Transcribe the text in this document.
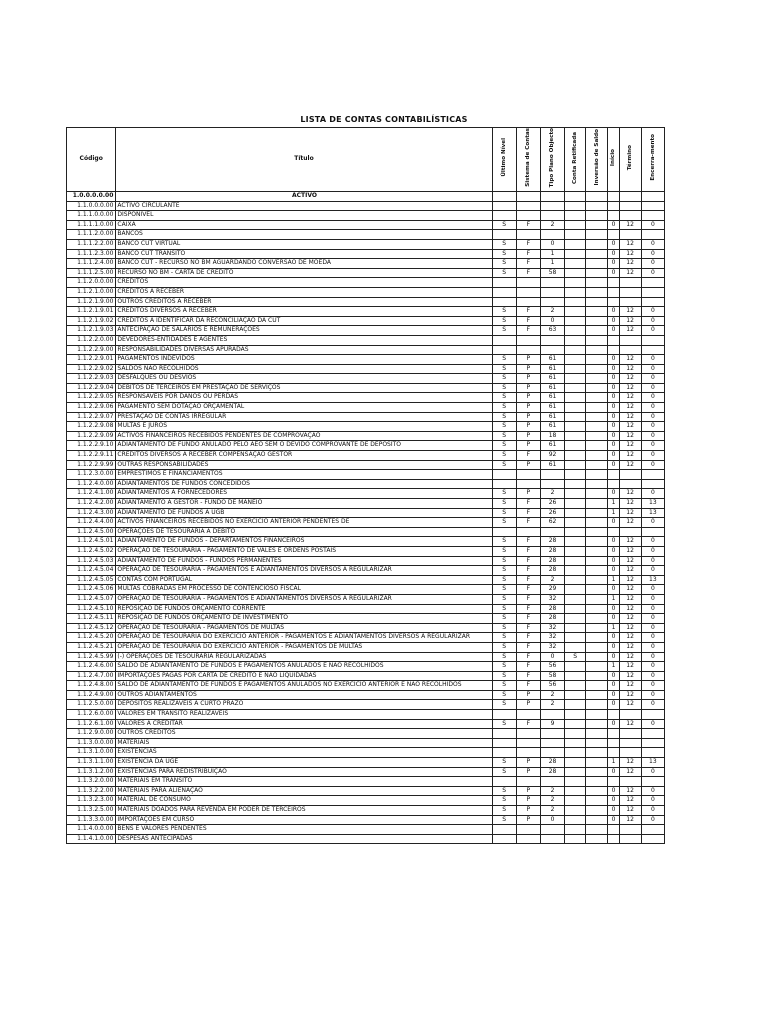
LISTA DE CONTAS CONTABILÍSTICAS
Código	Título	Último Nível	Sistema de Contas	Tipo Plano Objecto	Conta Retificada	Inversão de Saldo	Início	Término	Encerra-mento
1.0.0.0.0.00	ACTIVO								
1.1.0.0.0.00	ACTIVO CIRCULANTE								
1.1.1.0.0.00	DISPONÍVEL								
1.1.1.1.0.00	CAIXA	S	F	2			0	12	0
1.1.1.2.0.00	BANCOS								
1.1.1.2.2.00	BANCO CUT VIRTUAL	S	F	0			0	12	0
1.1.1.2.3.00	BANCO CUT TRÂNSITO	S	F	1			0	12	0
1.1.1.2.4.00	BANCO CUT - RECURSO NO BM AGUARDANDO CONVERSÃO DE MOEDA	S	F	1			0	12	0
1.1.1.2.5.00	RECURSO NO BM - CARTA DE CRÉDITO	S	F	58			0	12	0
1.1.2.0.0.00	CRÉDITOS								
1.1.2.1.0.00	CRÉDITOS A RECEBER								
1.1.2.1.9.00	OUTROS CRÉDITOS A RECEBER								
1.1.2.1.9.01	CRÉDITOS DIVERSOS A RECEBER	S	F	2			0	12	0
1.1.2.1.9.02	CRÉDITOS A IDENTIFICAR DA RECONCILIAÇÃO DA CUT	S	F	0			0	12	0
1.1.2.1.9.03	ANTECIPAÇÃO DE SALÁRIOS E REMUNERAÇÕES	S	F	63			0	12	0
1.1.2.2.0.00	DEVEDORES-ENTIDADES E AGENTES								
1.1.2.2.9.00	RESPONSABILIDADES DIVERSAS APURADAS								
1.1.2.2.9.01	PAGAMENTOS INDEVIDOS	S	P	61			0	12	0
1.1.2.2.9.02	SALDOS NÃO RECOLHIDOS	S	P	61			0	12	0
1.1.2.2.9.03	DESFALQUES OU DESVIOS	S	P	61			0	12	0
1.1.2.2.9.04	DÉBITOS DE TERCEIROS EM PRESTAÇÃO DE SERVIÇOS	S	P	61			0	12	0
1.1.2.2.9.05	RESPONSÁVEIS POR DANOS OU PERDAS	S	P	61			0	12	0
1.1.2.2.9.06	PAGAMENTO SEM DOTAÇÃO ORÇAMENTAL	S	P	61			0	12	0
1.1.2.2.9.07	PRESTAÇÃO DE CONTAS IRREGULAR	S	P	61			0	12	0
1.1.2.2.9.08	MULTAS E JUROS	S	P	61			0	12	0
1.1.2.2.9.09	ACTIVOS FINANCEIROS RECEBIDOS PENDENTES DE COMPROVAÇÃO	S	P	18			0	12	0
1.1.2.2.9.10	ADIANTAMENTO DE FUNDO ANULADO PELO AEO SEM O DEVIDO COMPROVANTE DE DEPÓSITO	S	P	61			0	12	0
1.1.2.2.9.11	CRÉDITOS DIVERSOS A RECEBER COMPENSAÇÃO GESTOR	S	F	92			0	12	0
1.1.2.2.9.99	OUTRAS RESPONSABILIDADES	S	P	61			0	12	0
1.1.2.3.0.00	EMPRÉSTIMOS E FINANCIAMENTOS								
1.1.2.4.0.00	ADIANTAMENTOS DE FUNDOS CONCEDIDOS								
1.1.2.4.1.00	ADIANTAMENTOS A FORNECEDORES	S	P	2			0	12	0
1.1.2.4.2.00	ADIANTAMENTO A GESTOR - FUNDO DE MANEIO	S	F	26			1	12	13
1.1.2.4.3.00	ADIANTAMENTO DE FUNDOS A UGB	S	F	26			1	12	13
1.1.2.4.4.00	ACTIVOS FINANCEIROS RECEBIDOS NO EXERCÍCIO ANTERIOR PENDENTES DE	S	F	62			0	12	0
1.1.2.4.5.00	OPERAÇÕES DE TESOURARIA A DEBITO								
1.1.2.4.5.01	ADIANTAMENTO DE FUNDOS - DEPARTAMENTOS FINANCEIROS	S	F	28			0	12	0
1.1.2.4.5.02	OPERAÇÃO DE TESOURARIA - PAGAMENTO DE VALES E ORDENS POSTAIS	S	F	28			0	12	0
1.1.2.4.5.03	ADIANTAMENTO DE FUNDOS - FUNDOS PERMANENTES	S	F	28			0	12	0
1.1.2.4.5.04	OPERAÇÃO DE TESOURARIA - PAGAMENTOS E ADIANTAMENTOS DIVERSOS A REGULARIZAR	S	F	28			0	12	0
1.1.2.4.5.05	CONTAS COM PORTUGAL	S	F	2			1	12	13
1.1.2.4.5.06	MULTAS COBRADAS EM PROCESSO DE CONTENCIOSO FISCAL	S	F	29			0	12	0
1.1.2.4.5.07	OPERAÇÃO DE TESOURARIA - PAGAMENTOS E ADIANTAMENTOS DIVERSOS A REGULARIZAR	S	F	32			1	12	0
1.1.2.4.5.10	REPOSIÇÃO DE FUNDOS ORÇAMENTO CORRENTE	S	F	28			0	12	0
1.1.2.4.5.11	REPOSIÇÃO DE FUNDOS ORÇAMENTO DE INVESTIMENTO	S	F	28			0	12	0
1.1.2.4.5.12	OPERAÇÃO DE TESOURARIA - PAGAMENTOS DE MULTAS	S	F	32			1	12	0
1.1.2.4.5.20	OPERAÇÃO DE TESOURARIA DO EXERCÍCIO ANTERIOR - PAGAMENTOS E ADIANTAMENTOS DIVERSOS A REGULARIZAR	S	F	32			0	12	0
1.1.2.4.5.21	OPERAÇÃO DE TESOURARIA DO EXERCÍCIO ANTERIOR - PAGAMENTOS DE MULTAS	S	F	32			0	12	0
1.1.2.4.5.99	(-) OPERAÇÕES DE TESOURARIA REGULARIZADAS	S	F	0	S		0	12	0
1.1.2.4.6.00	SALDO DE ADIANTAMENTO DE FUNDOS E PAGAMENTOS ANULADOS E NÃO RECOLHIDOS	S	F	56			1	12	0
1.1.2.4.7.00	IMPORTAÇÕES PAGAS POR CARTA DE CRÉDITO E NÃO LIQUIDADAS	S	F	58			0	12	0
1.1.2.4.8.00	SALDO DE ADIANTAMENTO DE FUNDOS E PAGAMENTOS ANULADOS NO EXERCÍCIO ANTERIOR E NÃO RECOLHIDOS	S	F	56			0	12	0
1.1.2.4.9.00	OUTROS ADIANTAMENTOS	S	P	2			0	12	0
1.1.2.5.0.00	DEPÓSITOS REALIZÁVEIS A CURTO PRAZO	S	P	2			0	12	0
1.1.2.6.0.00	VALORES EM TRÂNSITO REALIZÁVEIS								
1.1.2.6.1.00	VALORES A CREDITAR	S	F	9			0	12	0
1.1.2.9.0.00	OUTROS CRÉDITOS								
1.1.3.0.0.00	MATERIAIS								
1.1.3.1.0.00	EXISTÊNCIAS								
1.1.3.1.1.00	EXISTÊNCIA DA UGE	S	P	28			1	12	13
1.1.3.1.2.00	EXISTÊNCIAS PARA REDISTRIBUIÇÃO	S	P	28			0	12	0
1.1.3.2.0.00	MATERIAIS EM TRÂNSITO								
1.1.3.2.2.00	MATERIAIS PARA ALIENAÇÃO	S	P	2			0	12	0
1.1.3.2.3.00	MATERIAL DE CONSUMO	S	P	2			0	12	0
1.1.3.2.5.00	MATERIAIS DOADOS PARA REVENDA EM PODER DE TERCEIROS	S	P	2			0	12	0
1.1.3.3.0.00	IMPORTAÇÕES EM CURSO	S	P	0			0	12	0
1.1.4.0.0.00	BENS E VALORES PENDENTES								
1.1.4.1.0.00	DESPESAS ANTECIPADAS								
